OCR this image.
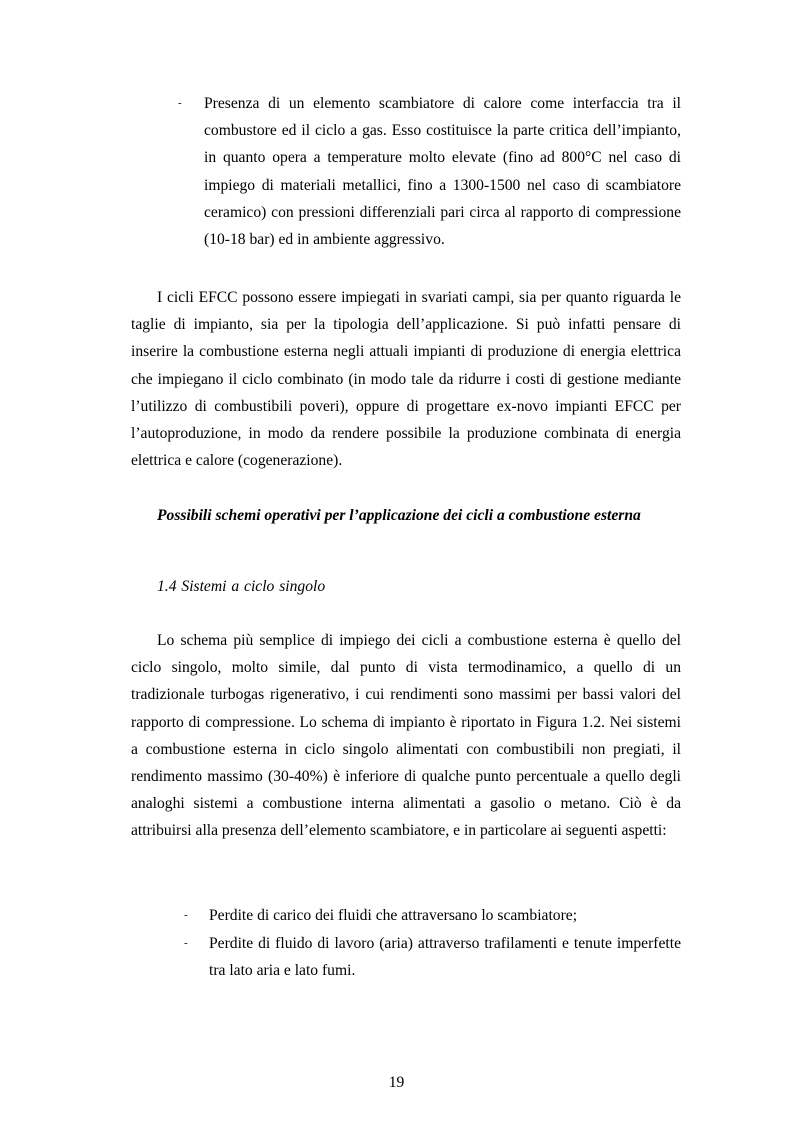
- Presenza di un elemento scambiatore di calore come interfaccia tra il combustore ed il ciclo a gas. Esso costituisce la parte critica dell’impianto, in quanto opera a temperature molto elevate (fino ad 800°C nel caso di impiego di materiali metallici, fino a 1300-1500 nel caso di scambiatore ceramico) con pressioni differenziali pari circa al rapporto di compressione (10-18 bar) ed in ambiente aggressivo.
I cicli EFCC possono essere impiegati in svariati campi, sia per quanto riguarda le taglie di impianto, sia per la tipologia dell’applicazione. Si può infatti pensare di inserire la combustione esterna negli attuali impianti di produzione di energia elettrica che impiegano il ciclo combinato (in modo tale da ridurre i costi di gestione mediante l’utilizzo di combustibili poveri), oppure di progettare ex-novo impianti EFCC per l’autoproduzione, in modo da rendere possibile la produzione combinata di energia elettrica e calore (cogenerazione).
Possibili schemi operativi per l’applicazione dei cicli a combustione esterna
1.4 Sistemi a ciclo singolo
Lo schema più semplice di impiego dei cicli a combustione esterna è quello del ciclo singolo, molto simile, dal punto di vista termodinamico, a quello di un tradizionale turbogas rigenerativo, i cui rendimenti sono massimi per bassi valori del rapporto di compressione. Lo schema di impianto è riportato in Figura 1.2. Nei sistemi a combustione esterna in ciclo singolo alimentati con combustibili non pregiati, il rendimento massimo (30-40%) è inferiore di qualche punto percentuale a quello degli analoghi sistemi a combustione interna alimentati a gasolio o metano. Ciò è da attribuirsi alla presenza dell’elemento scambiatore, e in particolare ai seguenti aspetti:
- Perdite di carico dei fluidi che attraversano lo scambiatore;
- Perdite di fluido di lavoro (aria) attraverso trafilamenti e tenute imperfette tra lato aria e lato fumi.
19
